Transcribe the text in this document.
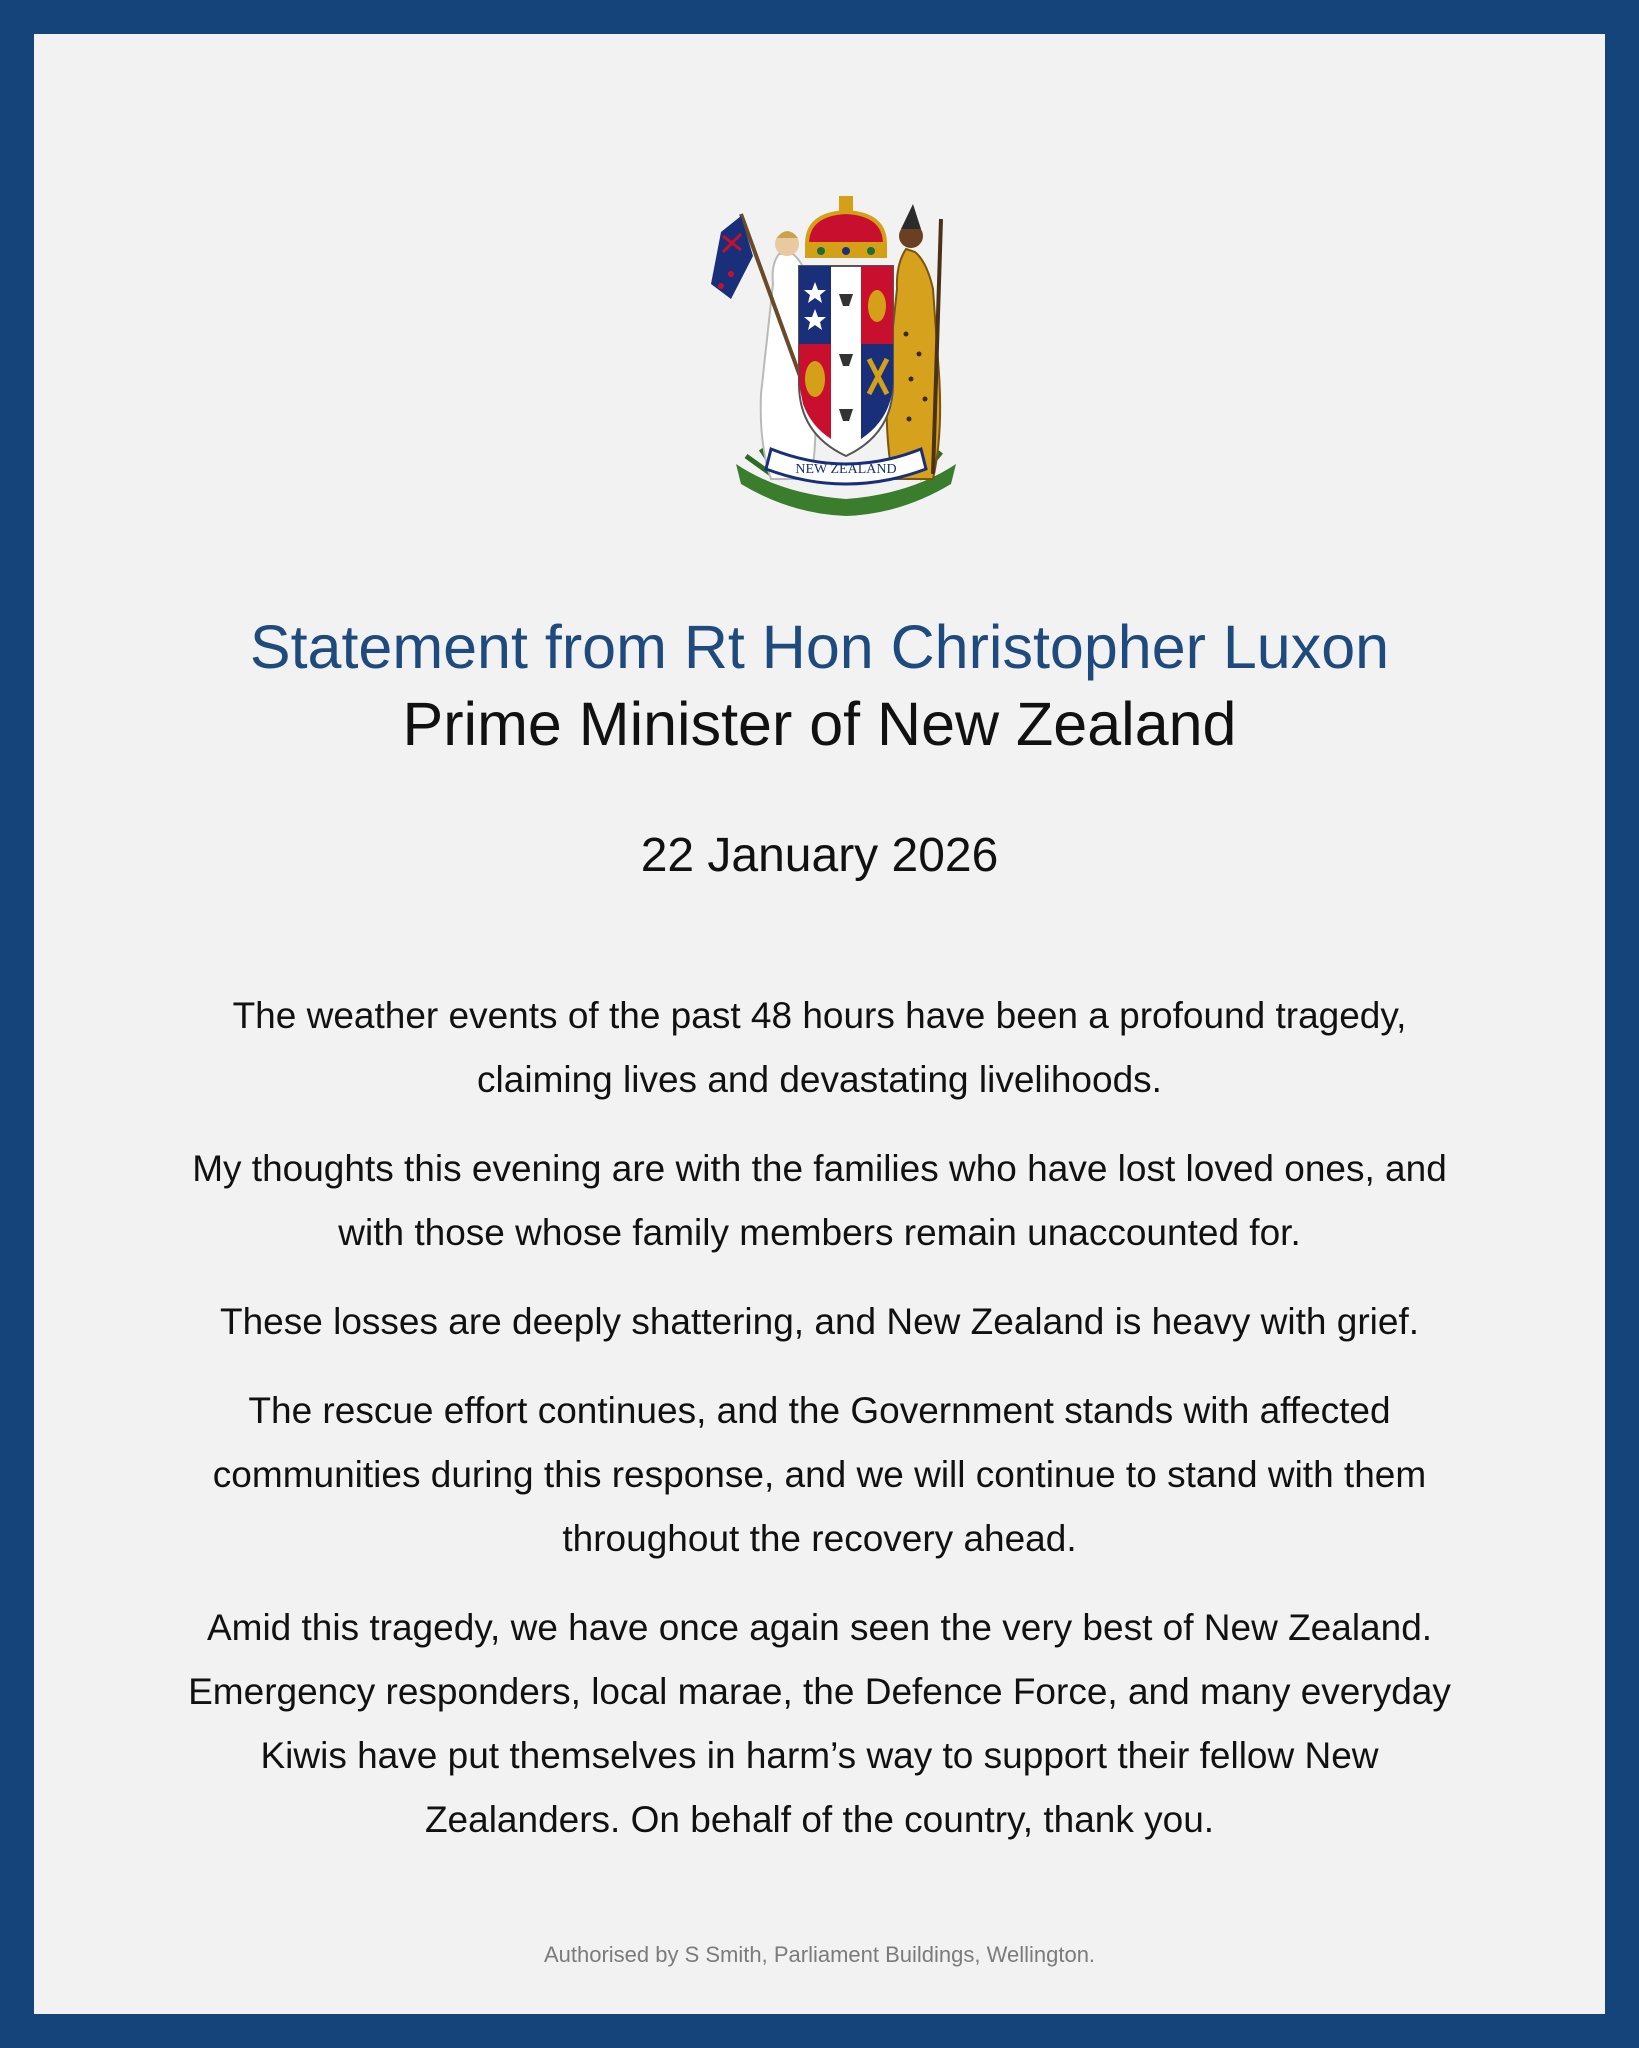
NEW ZEALAND
Statement from Rt Hon Christopher Luxon
Prime Minister of New Zealand
22 January 2026

The weather events of the past 48 hours have been a profound tragedy, claiming lives and devastating livelihoods.

My thoughts this evening are with the families who have lost loved ones, and with those whose family members remain unaccounted for.

These losses are deeply shattering, and New Zealand is heavy with grief.

The rescue effort continues, and the Government stands with affected communities during this response, and we will continue to stand with them throughout the recovery ahead.

Amid this tragedy, we have once again seen the very best of New Zealand. Emergency responders, local marae, the Defence Force, and many everyday Kiwis have put themselves in harm’s way to support their fellow New Zealanders. On behalf of the country, thank you.

Authorised by S Smith, Parliament Buildings, Wellington.
